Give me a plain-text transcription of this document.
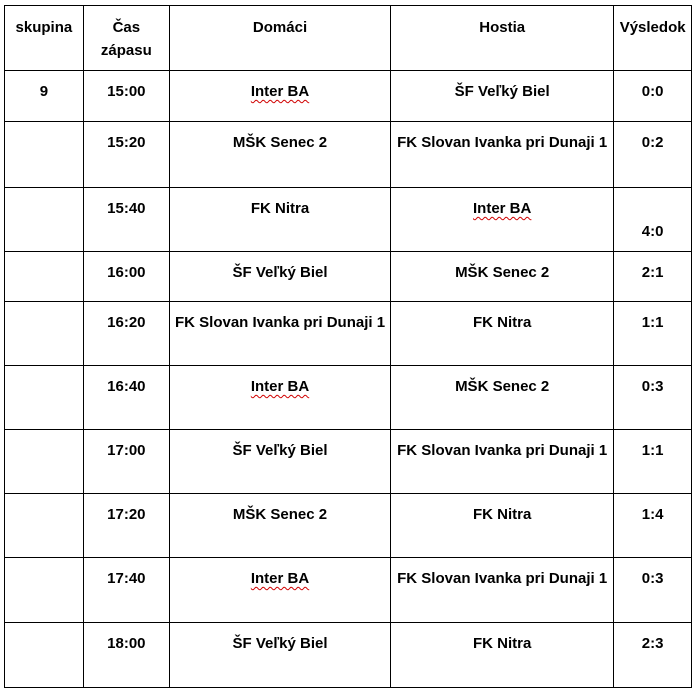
skupina	Čas zápasu	Domáci	Hostia	Výsledok
9	15:00	Inter BA	ŠF Veľký Biel	0:0
	15:20	MŠK Senec 2	FK Slovan Ivanka pri Dunaji 1	0:2
	15:40	FK Nitra	Inter BA	4:0

	16:00	ŠF Veľký Biel	MŠK Senec 2	2:1
	16:20	FK Slovan Ivanka pri Dunaji 1	FK Nitra	1:1
	16:40	Inter BA	MŠK Senec 2	0:3
	17:00	ŠF Veľký Biel	FK Slovan Ivanka pri Dunaji 1	1:1
	17:20	MŠK Senec 2	FK Nitra	1:4
	17:40	Inter BA	FK Slovan Ivanka pri Dunaji 1	0:3
	18:00	ŠF Veľký Biel	FK Nitra	2:3
